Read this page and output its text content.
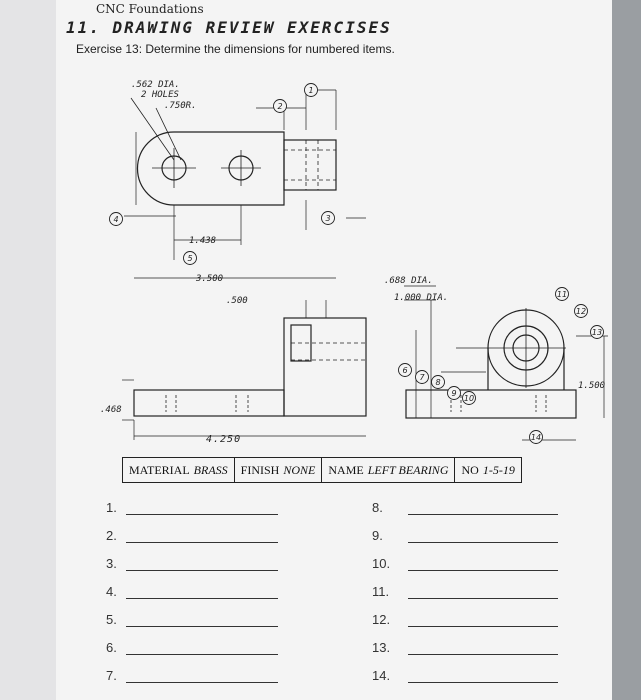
CNC Foundations
11. DRAWING REVIEW EXERCISES
Exercise 13: Determine the dimensions for numbered items.
.562 DIA.
2 HOLES
.750R.
1.438
3.500
.500
.688 DIA.
1.000 DIA.
1.500
.468
4.250
1
2
3
4
5
6
7
8
9
10
11
12
13
14
MATERIAL BRASS FINISH NONE NAME LEFT BEARING NO 1-5-19
1.
2.
3.
4.
5.
6.
7.
8.
9.
10.
11.
12.
13.
14.
